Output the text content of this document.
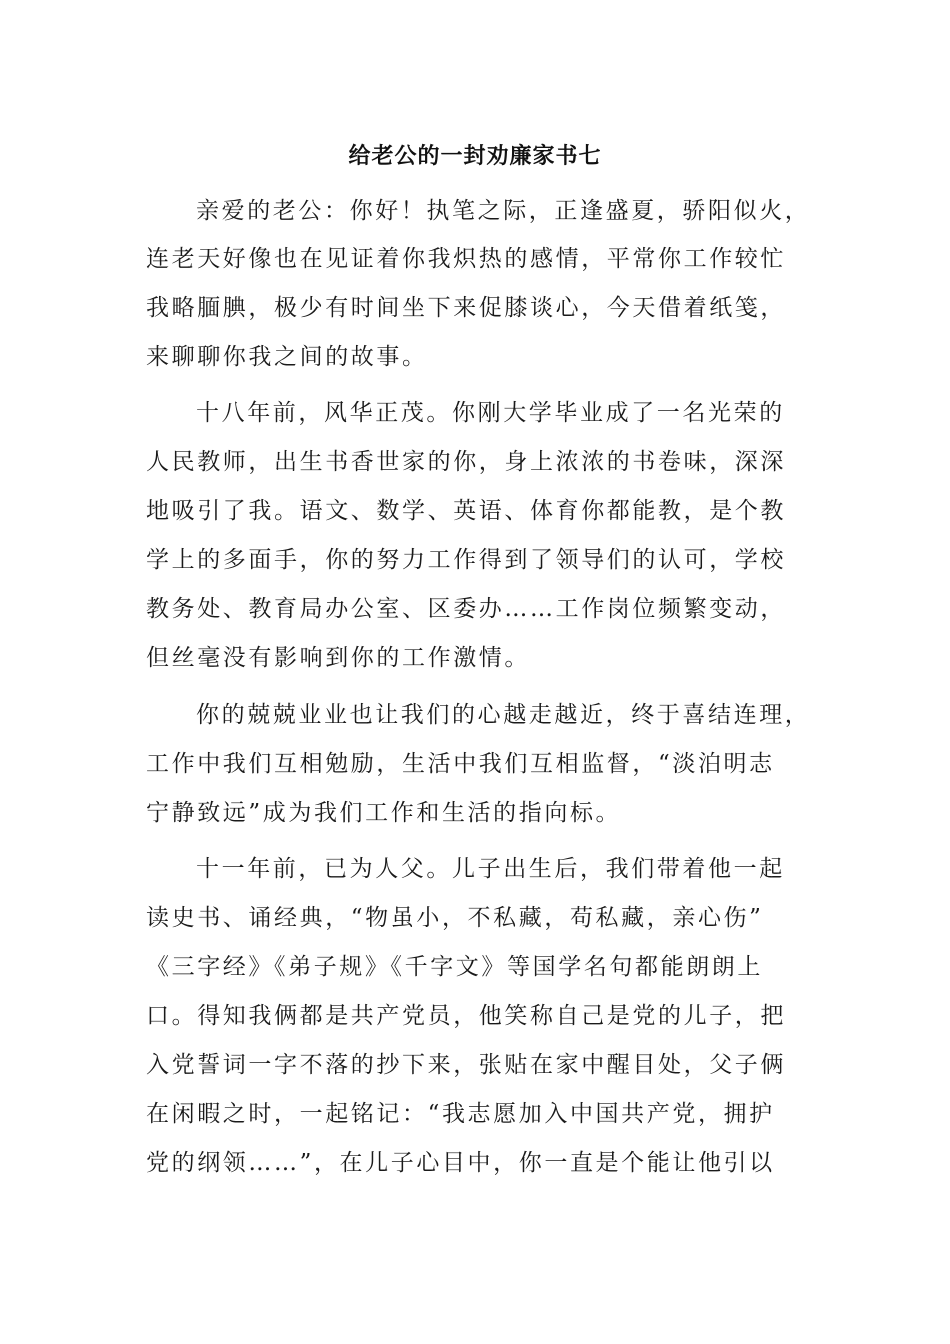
给老公的一封劝廉家书七
亲爱的老公：你好！执笔之际，正逢盛夏，骄阳似火，
连老天好像也在见证着你我炽热的感情，平常你工作较忙
我略腼腆，极少有时间坐下来促膝谈心，今天借着纸笺，
来聊聊你我之间的故事。
十八年前，风华正茂。你刚大学毕业成了一名光荣的
人民教师，出生书香世家的你，身上浓浓的书卷味，深深
地吸引了我。语文、数学、英语、体育你都能教，是个教
学上的多面手，你的努力工作得到了领导们的认可，学校
教务处、教育局办公室、区委办……工作岗位频繁变动，
但丝毫没有影响到你的工作激情。
你的兢兢业业也让我们的心越走越近，终于喜结连理，
工作中我们互相勉励，生活中我们互相监督，“淡泊明志
宁静致远”成为我们工作和生活的指向标。
十一年前，已为人父。儿子出生后，我们带着他一起
读史书、诵经典，“物虽小，不私藏，苟私藏，亲心伤”
《三字经》《弟子规》《千字文》等国学名句都能朗朗上
口。得知我俩都是共产党员，他笑称自己是党的儿子，把
入党誓词一字不落的抄下来，张贴在家中醒目处，父子俩
在闲暇之时，一起铭记：“我志愿加入中国共产党，拥护
党的纲领……”，在儿子心目中，你一直是个能让他引以
